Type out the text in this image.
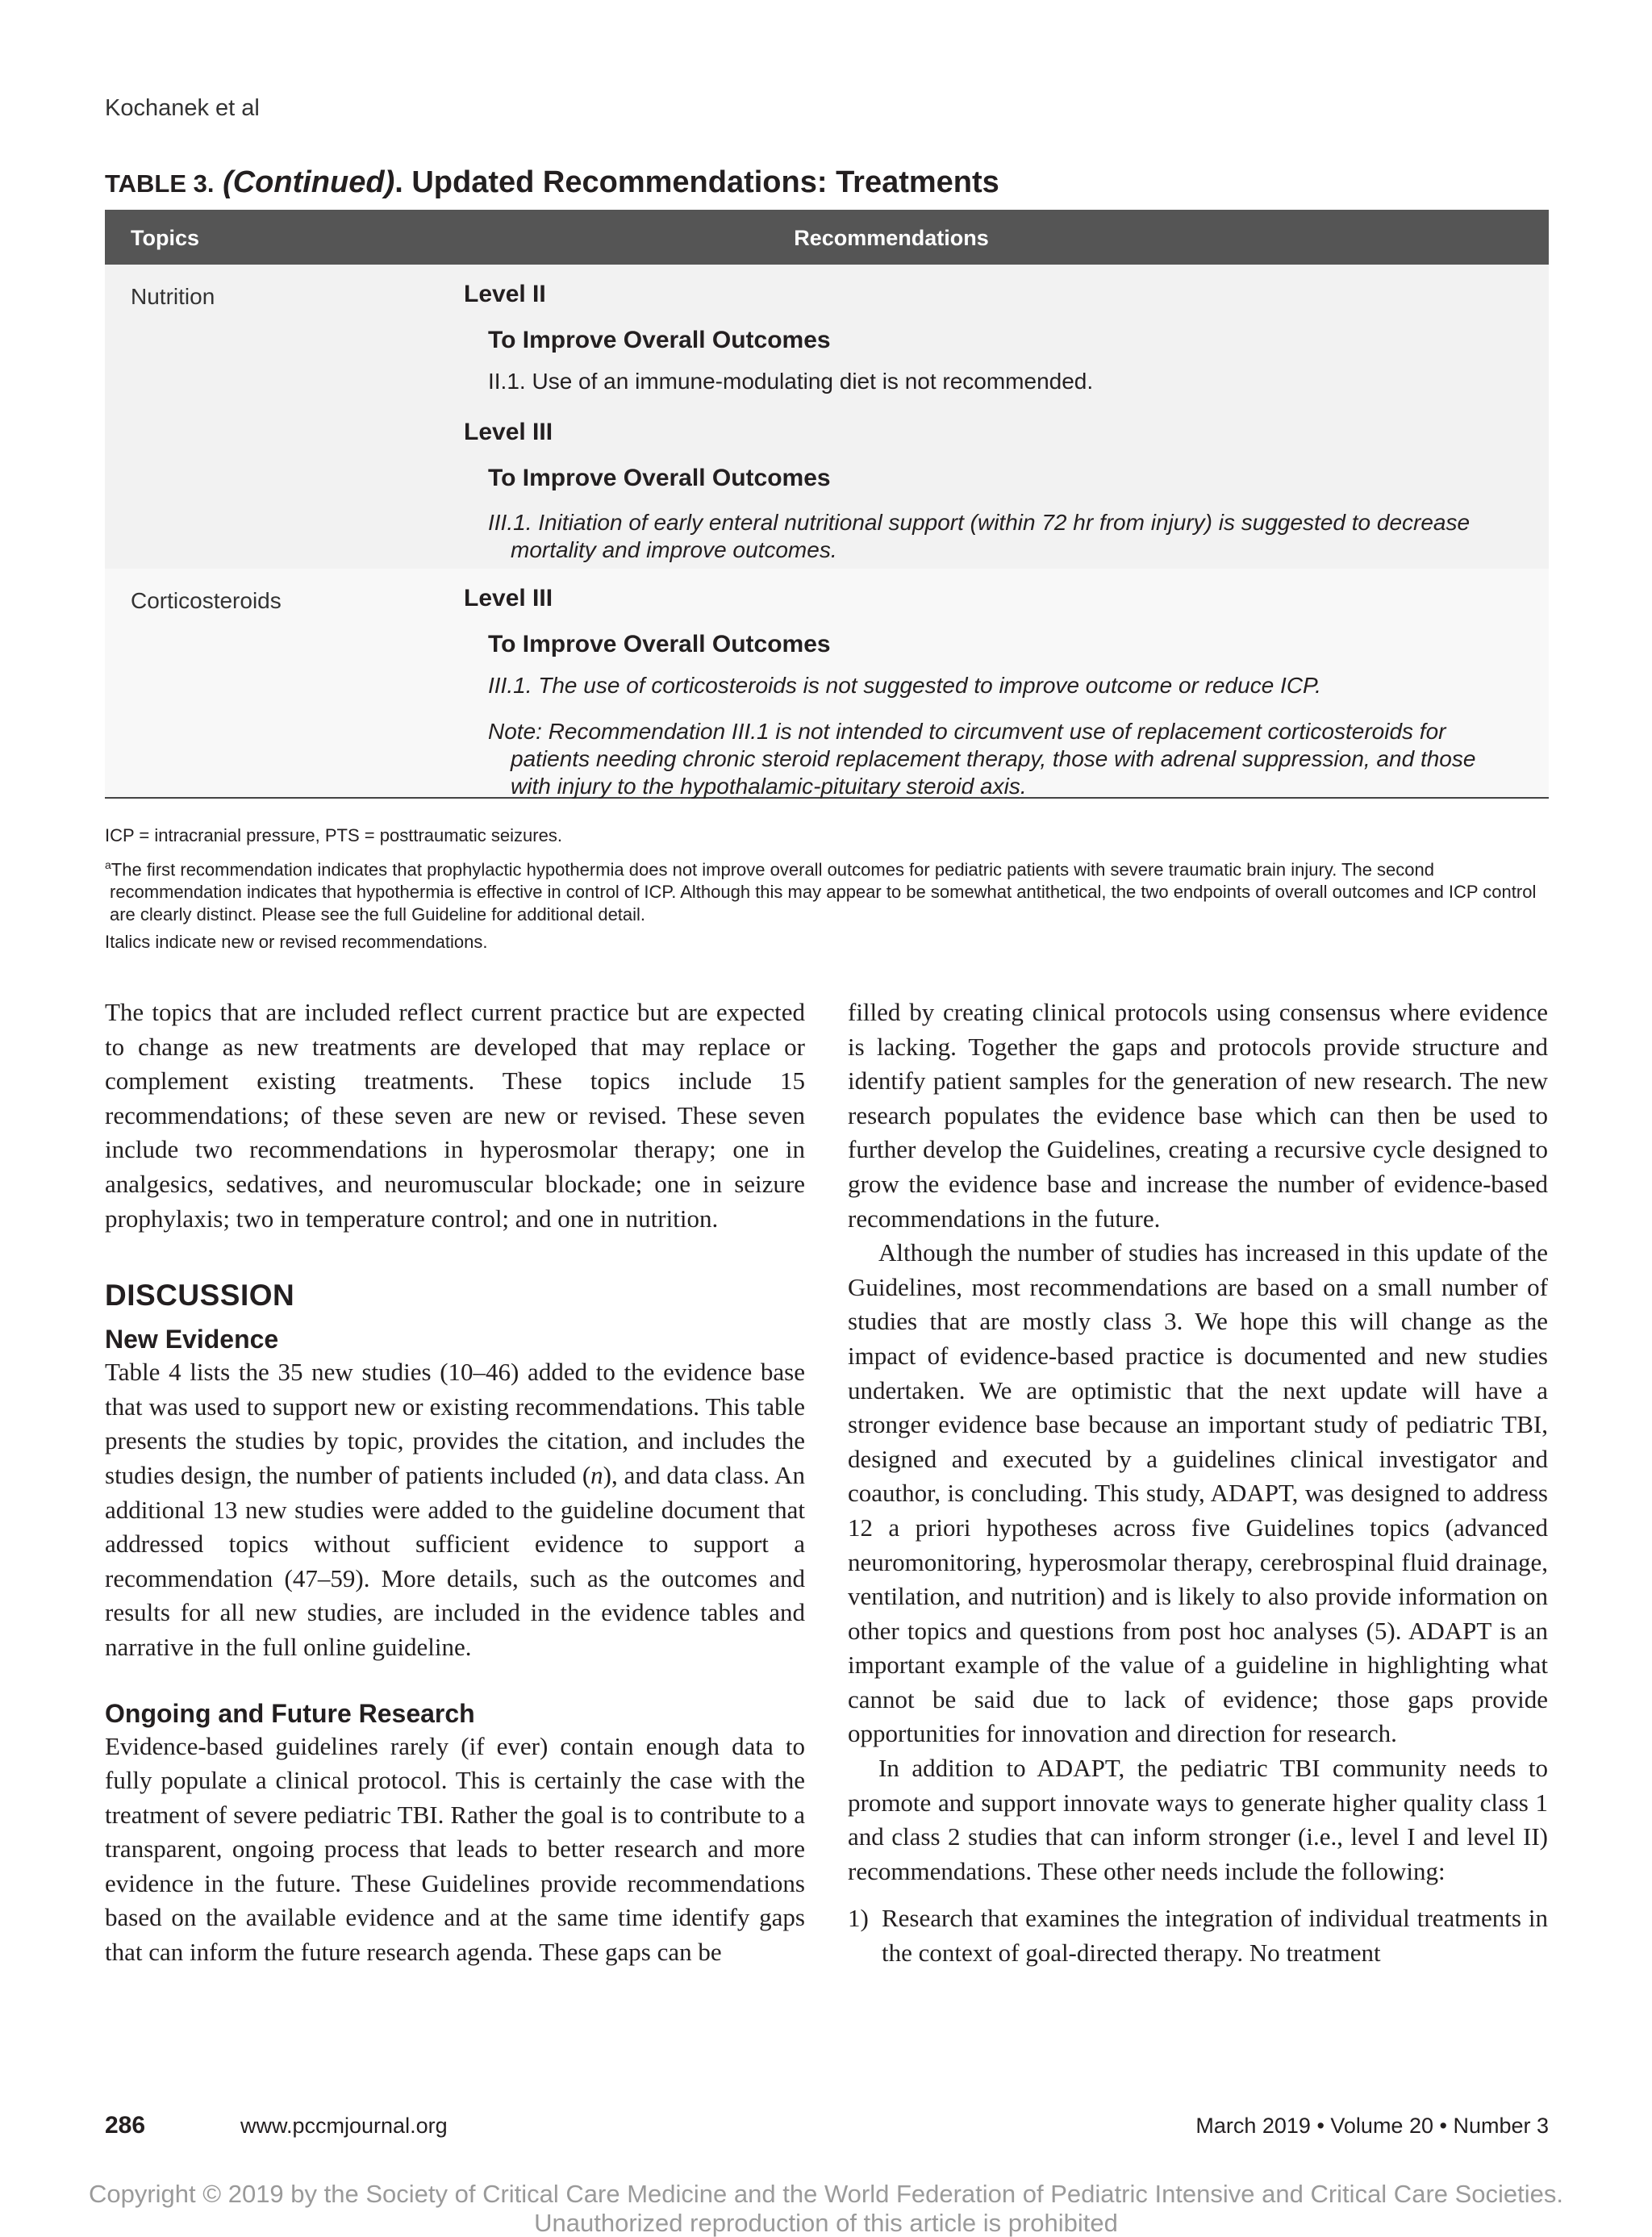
Kochanek et al
TABLE 3. (Continued). Updated Recommendations: Treatments
Topics	Recommendations
Nutrition	Level II
To Improve Overall Outcomes
II.1. Use of an immune-modulating diet is not recommended.
Level III
To Improve Overall Outcomes
III.1. Initiation of early enteral nutritional support (within 72 hr from injury) is suggested to decrease mortality and improve outcomes.
Corticosteroids	Level III
To Improve Overall Outcomes
III.1. The use of corticosteroids is not suggested to improve outcome or reduce ICP.
Note: Recommendation III.1 is not intended to circumvent use of replacement corticosteroids for patients needing chronic steroid replacement therapy, those with adrenal suppression, and those with injury to the hypothalamic-pituitary steroid axis.

ICP = intracranial pressure, PTS = posttraumatic seizures.

$^a$The first recommendation indicates that prophylactic hypothermia does not improve overall outcomes for pediatric patients with severe traumatic brain injury. The second recommendation indicates that hypothermia is effective in control of ICP. Although this may appear to be somewhat antithetical, the two endpoints of overall outcomes and ICP control are clearly distinct. Please see the full Guideline for additional detail.

Italics indicate new or revised recommendations.

The topics that are included reflect current practice but are expected to change as new treatments are developed that may replace or complement existing treatments. These topics include 15 recommendations; of these seven are new or revised. These seven include two recommendations in hyperosmolar therapy; one in analgesics, sedatives, and neuromuscular blockade; one in seizure prophylaxis; two in temperature control; and one in nutrition.

DISCUSSION
New Evidence

Table 4 lists the 35 new studies (10–46) added to the evidence base that was used to support new or existing recommendations. This table presents the studies by topic, provides the citation, and includes the studies design, the number of patients included (n), and data class. An additional 13 new studies were added to the guideline document that addressed topics without sufficient evidence to support a recommendation (47–59). More details, such as the outcomes and results for all new studies, are included in the evidence tables and narrative in the full online guideline.

Ongoing and Future Research

Evidence-based guidelines rarely (if ever) contain enough data to fully populate a clinical protocol. This is certainly the case with the treatment of severe pediatric TBI. Rather the goal is to contribute to a transparent, ongoing process that leads to better research and more evidence in the future. These Guidelines provide recommendations based on the available evidence and at the same time identify gaps that can inform the future research agenda. These gaps can be

filled by creating clinical protocols using consensus where evidence is lacking. Together the gaps and protocols provide structure and identify patient samples for the generation of new research. The new research populates the evidence base which can then be used to further develop the Guidelines, creating a recursive cycle designed to grow the evidence base and increase the number of evidence-based recommendations in the future.

Although the number of studies has increased in this update of the Guidelines, most recommendations are based on a small number of studies that are mostly class 3. We hope this will change as the impact of evidence-based practice is documented and new studies undertaken. We are optimistic that the next update will have a stronger evidence base because an important study of pediatric TBI, designed and executed by a guidelines clinical investigator and coauthor, is concluding. This study, ADAPT, was designed to address 12 a priori hypotheses across five Guidelines topics (advanced neuromonitoring, hyperosmolar therapy, cerebrospinal fluid drainage, ventilation, and nutrition) and is likely to also provide information on other topics and questions from post hoc analyses (5). ADAPT is an important example of the value of a guideline in highlighting what cannot be said due to lack of evidence; those gaps provide opportunities for innovation and direction for research.

In addition to ADAPT, the pediatric TBI community needs to promote and support innovate ways to generate higher quality class 1 and class 2 studies that can inform stronger (i.e., level I and level II) recommendations. These other needs include the following:

1) Research that examines the integration of individual treatments in the context of goal-directed therapy. No treatment
286	www.pccmjournal.org	March 2019 • Volume 20 • Number 3
Copyright © 2019 by the Society of Critical Care Medicine and the World Federation of Pediatric Intensive and Critical Care Societies.
Unauthorized reproduction of this article is prohibited
